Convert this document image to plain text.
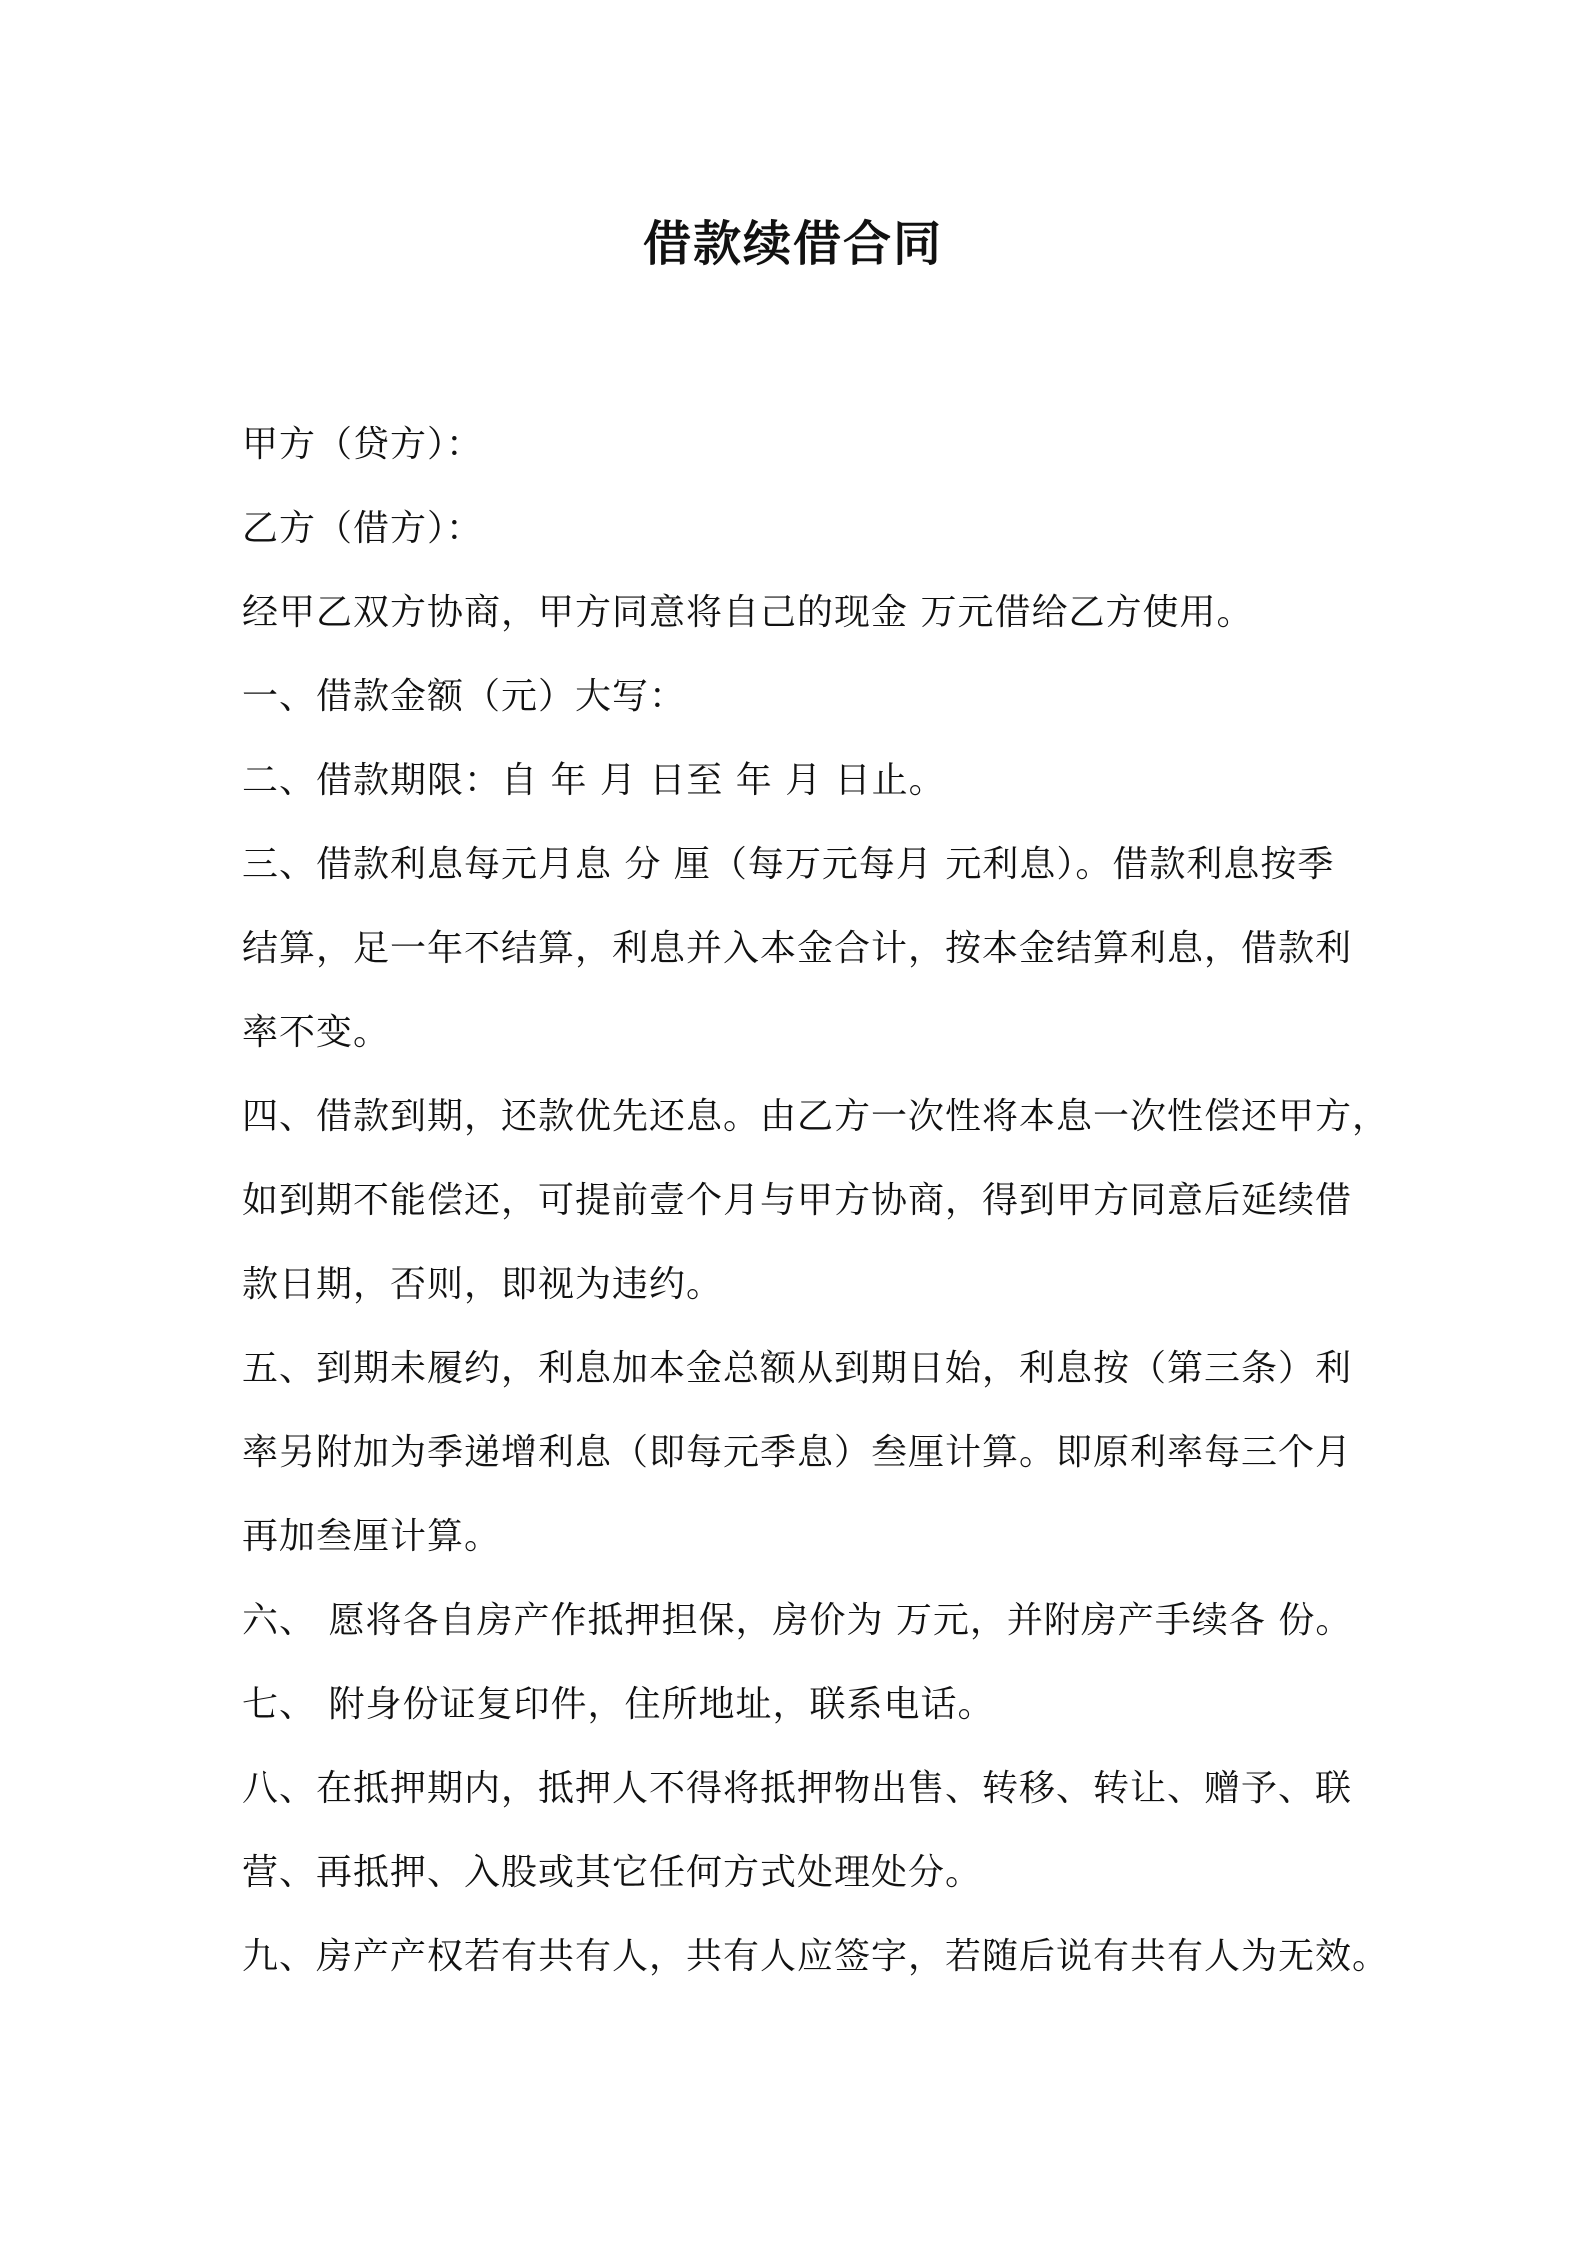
借款续借合同

甲方（贷方）：

乙方（借方）：

经甲乙双方协商，甲方同意将自己的现金 万元借给乙方使用。

一、借款金额（元）大写：

二、借款期限：自 年 月 日至 年 月 日止。

三、借款利息每元月息 分 厘（每万元每月 元利息）。借款利息按季
结算，足一年不结算，利息并入本金合计，按本金结算利息，借款利
率不变。

四、借款到期，还款优先还息。由乙方一次性将本息一次性偿还甲方，
如到期不能偿还，可提前壹个月与甲方协商，得到甲方同意后延续借
款日期，否则，即视为违约。

五、到期未履约，利息加本金总额从到期日始，利息按（第三条）利
率另附加为季递增利息（即每元季息）叁厘计算。即原利率每三个月
再加叁厘计算。

六、 愿将各自房产作抵押担保，房价为 万元，并附房产手续各 份。

七、 附身份证复印件，住所地址，联系电话。

八、在抵押期内，抵押人不得将抵押物出售、转移、转让、赠予、联
营、再抵押、入股或其它任何方式处理处分。

九、房产产权若有共有人，共有人应签字，若随后说有共有人为无效。
